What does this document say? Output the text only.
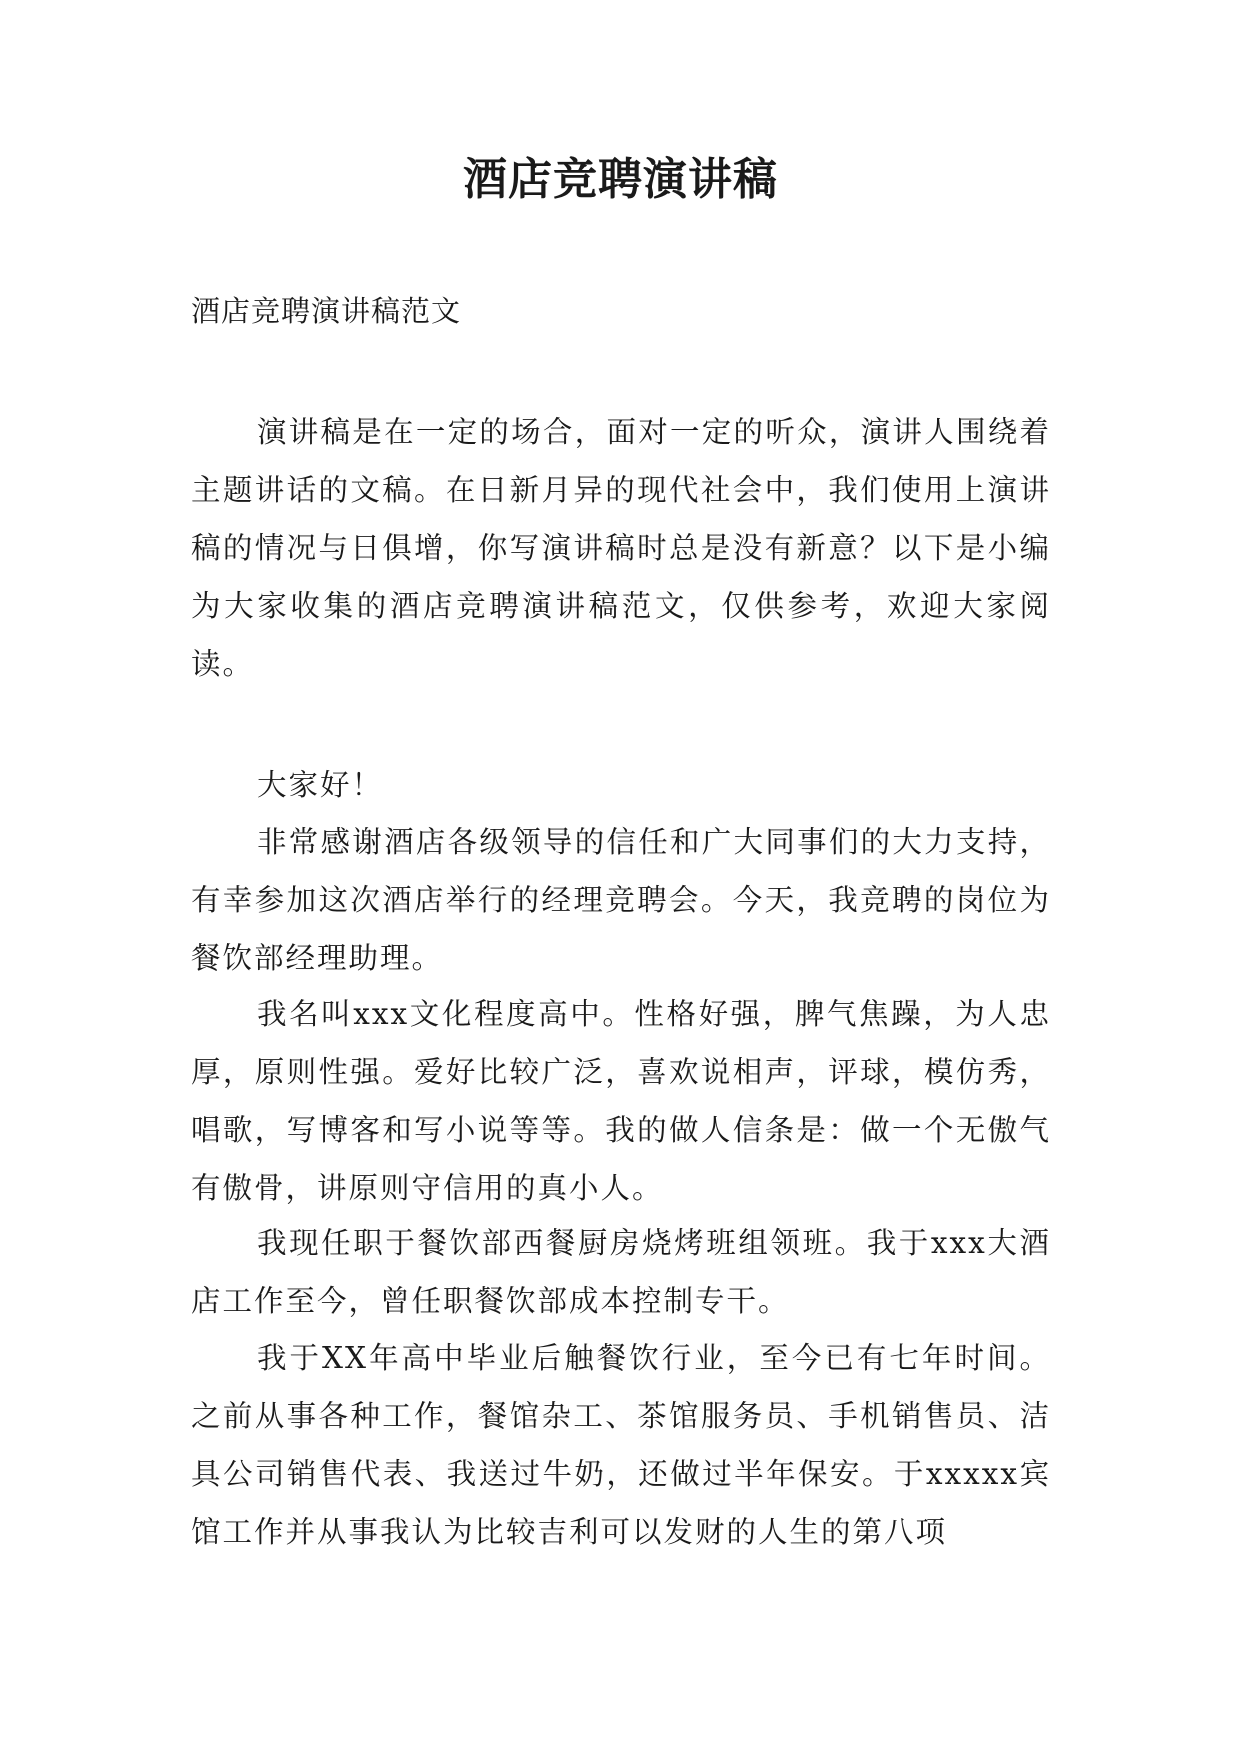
酒店竞聘演讲稿

酒店竞聘演讲稿范文

演讲稿是在一定的场合，面对一定的听众，演讲人围绕着主题讲话的文稿。在日新月异的现代社会中，我们使用上演讲稿的情况与日俱增，你写演讲稿时总是没有新意？以下是小编为大家收集的酒店竞聘演讲稿范文，仅供参考，欢迎大家阅读。

大家好！

非常感谢酒店各级领导的信任和广大同事们的大力支持，有幸参加这次酒店举行的经理竞聘会。今天，我竞聘的岗位为餐饮部经理助理。

我名叫xxx文化程度高中。性格好强，脾气焦躁，为人忠厚，原则性强。爱好比较广泛，喜欢说相声，评球，模仿秀，唱歌，写博客和写小说等等。我的做人信条是：做一个无傲气有傲骨，讲原则守信用的真小人。

我现任职于餐饮部西餐厨房烧烤班组领班。我于xxx大酒店工作至今，曾任职餐饮部成本控制专干。

我于XX年高中毕业后触餐饮行业，至今已有七年时间。之前从事各种工作，餐馆杂工、茶馆服务员、手机销售员、洁具公司销售代表、我送过牛奶，还做过半年保安。于xxxxx宾馆工作并从事我认为比较吉利可以发财的人生的第八项
